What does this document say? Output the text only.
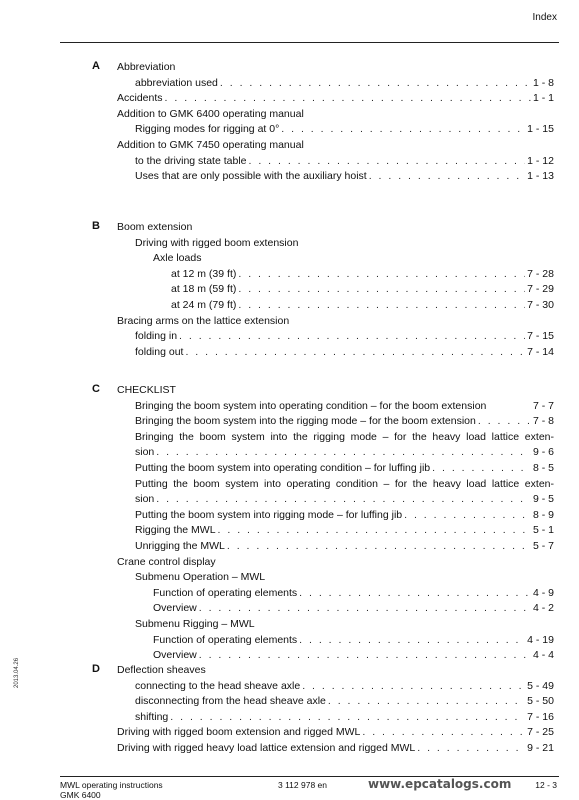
Index
A Abbreviation
abbreviation used . . .	1 - 8
Accidents . . .	1 - 1
Addition to GMK 6400 operating manual
Rigging modes for rigging at 0° . . .	1 - 15
Addition to GMK 7450 operating manual
to the driving state table . . .	1 - 12
Uses that are only possible with the auxiliary hoist . . .	1 - 13
B Boom extension
Driving with rigged boom extension
Axle loads
at 12 m (39 ft) . . .	7 - 28
at 18 m (59 ft) . . .	7 - 29
at 24 m (79 ft) . . .	7 - 30
Bracing arms on the lattice extension
folding in . . .	7 - 15
folding out . . .	7 - 14
C CHECKLIST
Bringing the boom system into operating condition – for the boom extension	7 - 7
Bringing the boom system into the rigging mode – for the boom extension . . .	7 - 8
Bringing the boom system into the rigging mode – for the heavy load lattice exten-
sion . . .	9 - 6
Putting the boom system into operating condition – for luffing jib . . .	8 - 5
Putting the boom system into operating condition – for the heavy load lattice exten-
sion . . .	9 - 5
Putting the boom system into rigging mode – for luffing jib . . .	8 - 9
Rigging the MWL . . .	5 - 1
Unrigging the MWL . . .	5 - 7
Crane control display
Submenu Operation – MWL
Function of operating elements . . .	4 - 9
Overview . . .	4 - 2
Submenu Rigging – MWL
Function of operating elements . . .	4 - 19
Overview . . .	4 - 4
D Deflection sheaves
connecting to the head sheave axle . . .	5 - 49
disconnecting from the head sheave axle . . .	5 - 50
shifting . . .	7 - 16
Driving with rigged boom extension and rigged MWL . . .	7 - 25
Driving with rigged heavy load lattice extension and rigged MWL . . .	9 - 21
2013.04.26
MWL operating instructions
GMK 6400
3 112 978 en	www.epcatalogs.com	12 - 3
